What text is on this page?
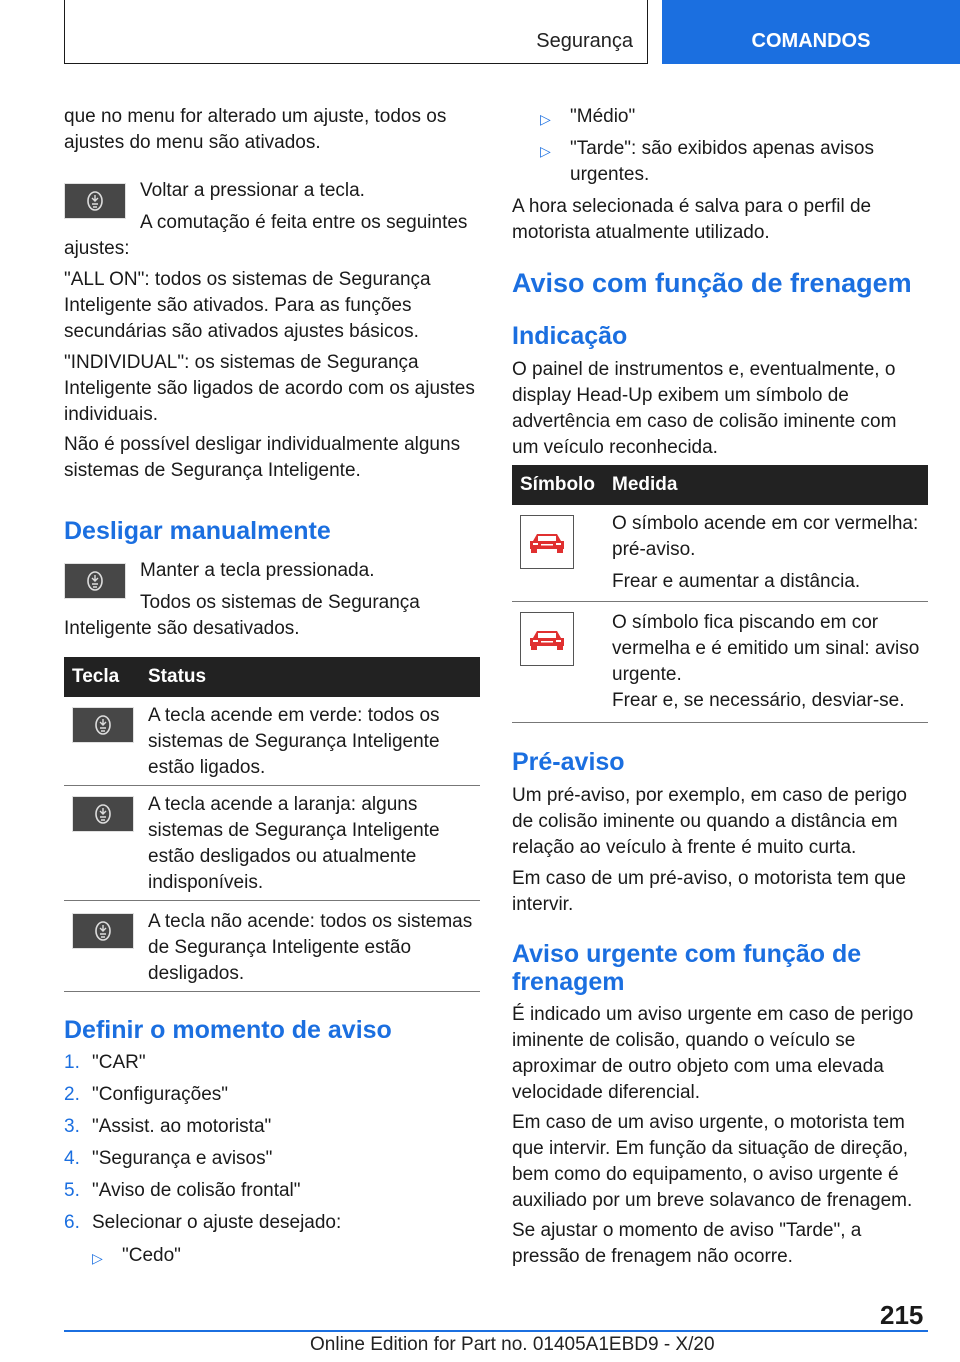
Segurança	COMANDOS

que no menu for alterado um ajuste, todos os ajustes do menu são ativados.

Voltar a pressionar a tecla.

A comutação é feita entre os seguintes ajustes:

"ALL ON": todos os sistemas de Segurança Inteligente são ativados. Para as funções secundárias são ativados ajustes básicos.

"INDIVIDUAL": os sistemas de Segurança Inteligente são ligados de acordo com os ajustes individuais.

Não é possível desligar individualmente alguns sistemas de Segurança Inteligente.

Desligar manualmente

Manter a tecla pressionada.

Todos os sistemas de Segurança Inteligente são desativados.

Tecla Status

A tecla acende em verde: todos os sistemas de Segurança Inteligente estão ligados.

A tecla acende a laranja: alguns sistemas de Segurança Inteligente estão desligados ou atualmente indisponíveis.

A tecla não acende: todos os sistemas de Segurança Inteligente estão desligados.

Definir o momento de aviso
1. "CAR"
2. "Configurações"
3. "Assist. ao motorista"
4. "Segurança e avisos"
5. "Aviso de colisão frontal"
6. Selecionar o ajuste desejado:
▷ "Cedo"
▷ "Médio"
▷ "Tarde": são exibidos apenas avisos urgentes.

A hora selecionada é salva para o perfil de motorista atualmente utilizado.

Aviso com função de frenagem
Indicação

O painel de instrumentos e, eventualmente, o display Head-Up exibem um símbolo de advertência em caso de colisão iminente com um veículo reconhecida.

Símbolo Medida

O símbolo acende em cor vermelha: pré-aviso.

Frear e aumentar a distância.

O símbolo fica piscando em cor vermelha e é emitido um sinal: aviso urgente.

Frear e, se necessário, desviar-se.

Pré-aviso

Um pré-aviso, por exemplo, em caso de perigo de colisão iminente ou quando a distância em relação ao veículo à frente é muito curta.

Em caso de um pré-aviso, o motorista tem que intervir.

Aviso urgente com função de frenagem

É indicado um aviso urgente em caso de perigo iminente de colisão, quando o veículo se aproximar de outro objeto com uma elevada velocidade diferencial.

Em caso de um aviso urgente, o motorista tem que intervir. Em função da situação de direção, bem como do equipamento, o aviso urgente é auxiliado por um breve solavanco de frenagem.

Se ajustar o momento de aviso "Tarde", a pressão de frenagem não ocorre.

215
Online Edition for Part no. 01405A1EBD9 - X/20
